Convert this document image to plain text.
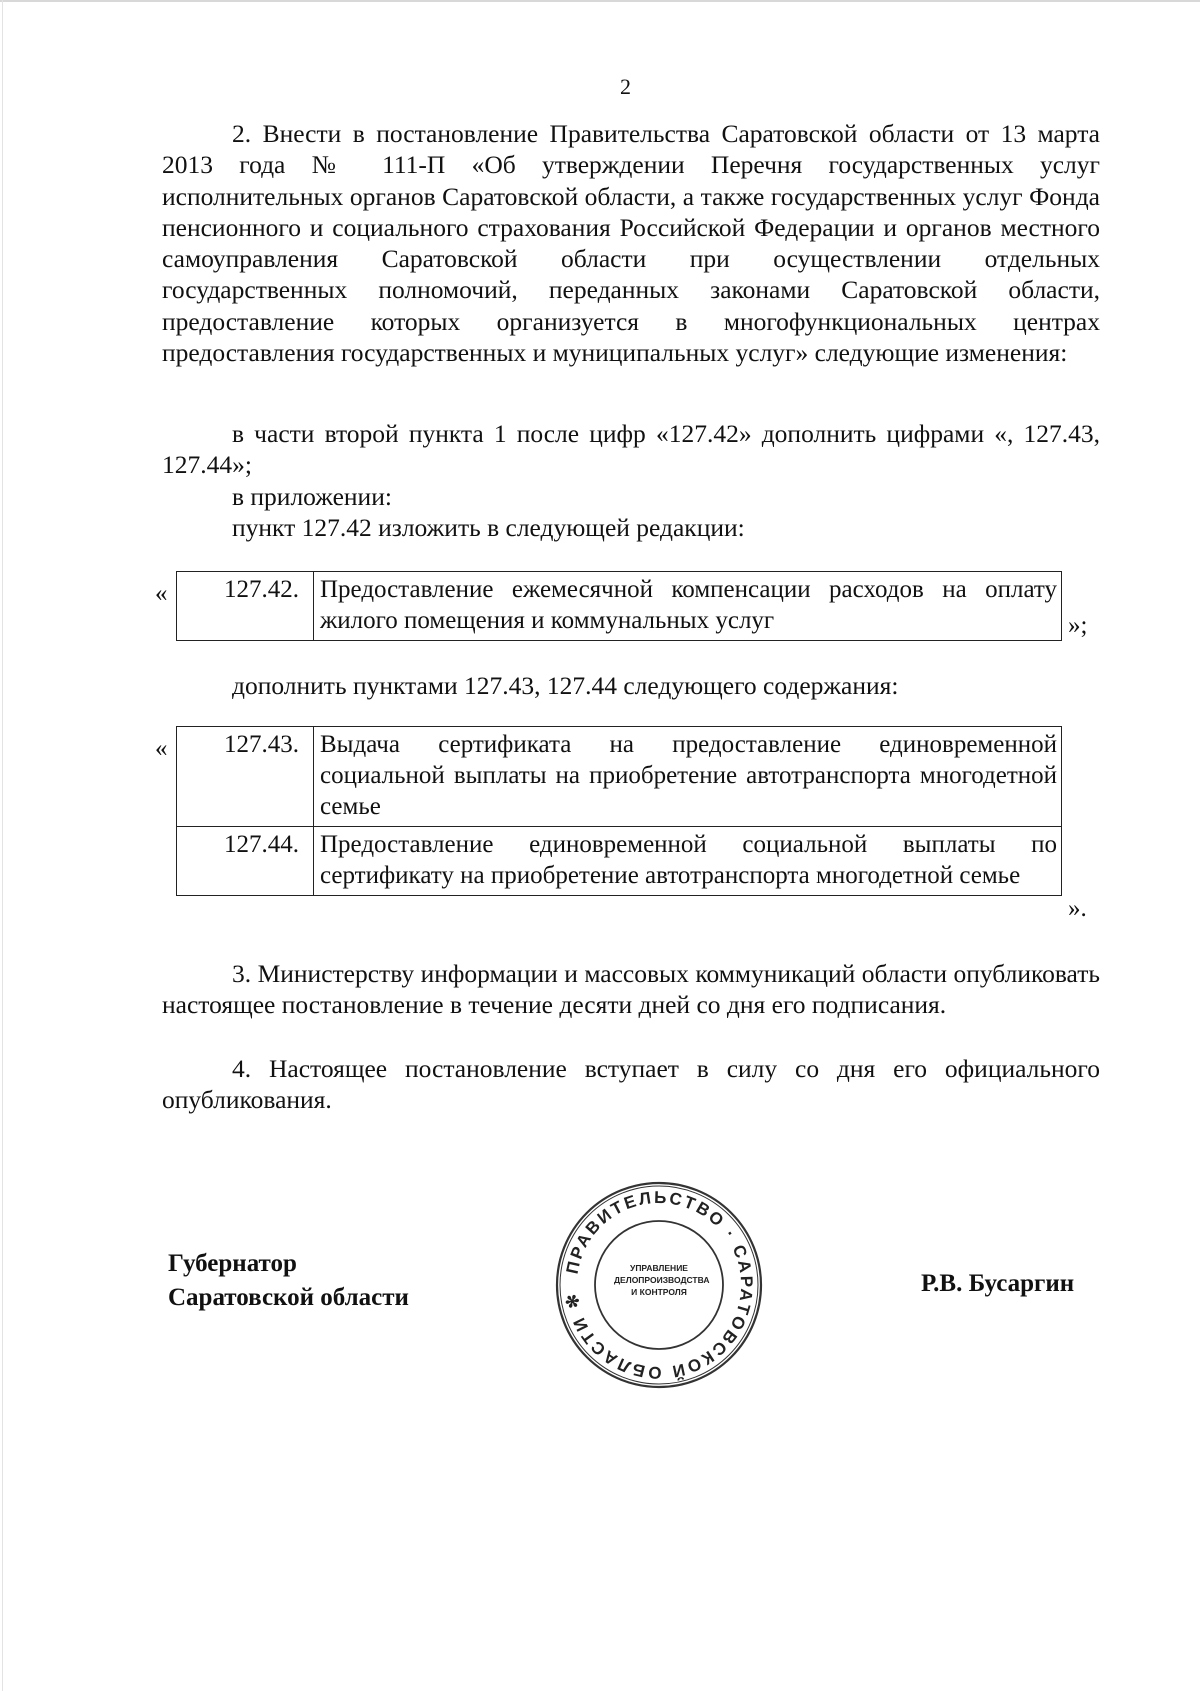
2

2. Внести в постановление Правительства Саратовской области от 13 марта 2013 года № 111-П «Об утверждении Перечня государственных услуг исполнительных органов Саратовской области, а также государственных услуг Фонда пенсионного и социального страхования Российской Федерации и органов местного самоуправления Саратовской области при осуществлении отдельных государственных полномочий, переданных законами Саратовской области, предоставление которых организуется в многофункциональных центрах предоставления государственных и муниципальных услуг» следующие изменения:

в части второй пункта 1 после цифр «127.42» дополнить цифрами «, 127.43, 127.44»;

в приложении:

пункт 127.42 изложить в следующей редакции:

« 127.42.	Предоставление ежемесячной компенсации расходов на оплату жилого помещения и коммунальных услуг	»;

дополнить пунктами 127.43, 127.44 следующего содержания:

« 127.43.	Выдача сертификата на предоставление единовременной социальной выплаты на приобретение автотранспорта многодетной семье
127.44.	Предоставление единовременной социальной выплаты по сертификату на приобретение автотранспорта многодетной семье
».

3. Министерству информации и массовых коммуникаций области опубликовать настоящее постановление в течение десяти дней со дня его подписания.

4. Настоящее постановление вступает в силу со дня его официального опубликования.

Губернатор
Саратовской области
ПРАВИТЕЛЬСТВО · САРАТОВСКОЙ ОБЛАСТИ ✻
УПРАВЛЕНИЕ
ДЕЛОПРОИЗВОДСТВА
И КОНТРОЛЯ	Р.В. Бусаргин
